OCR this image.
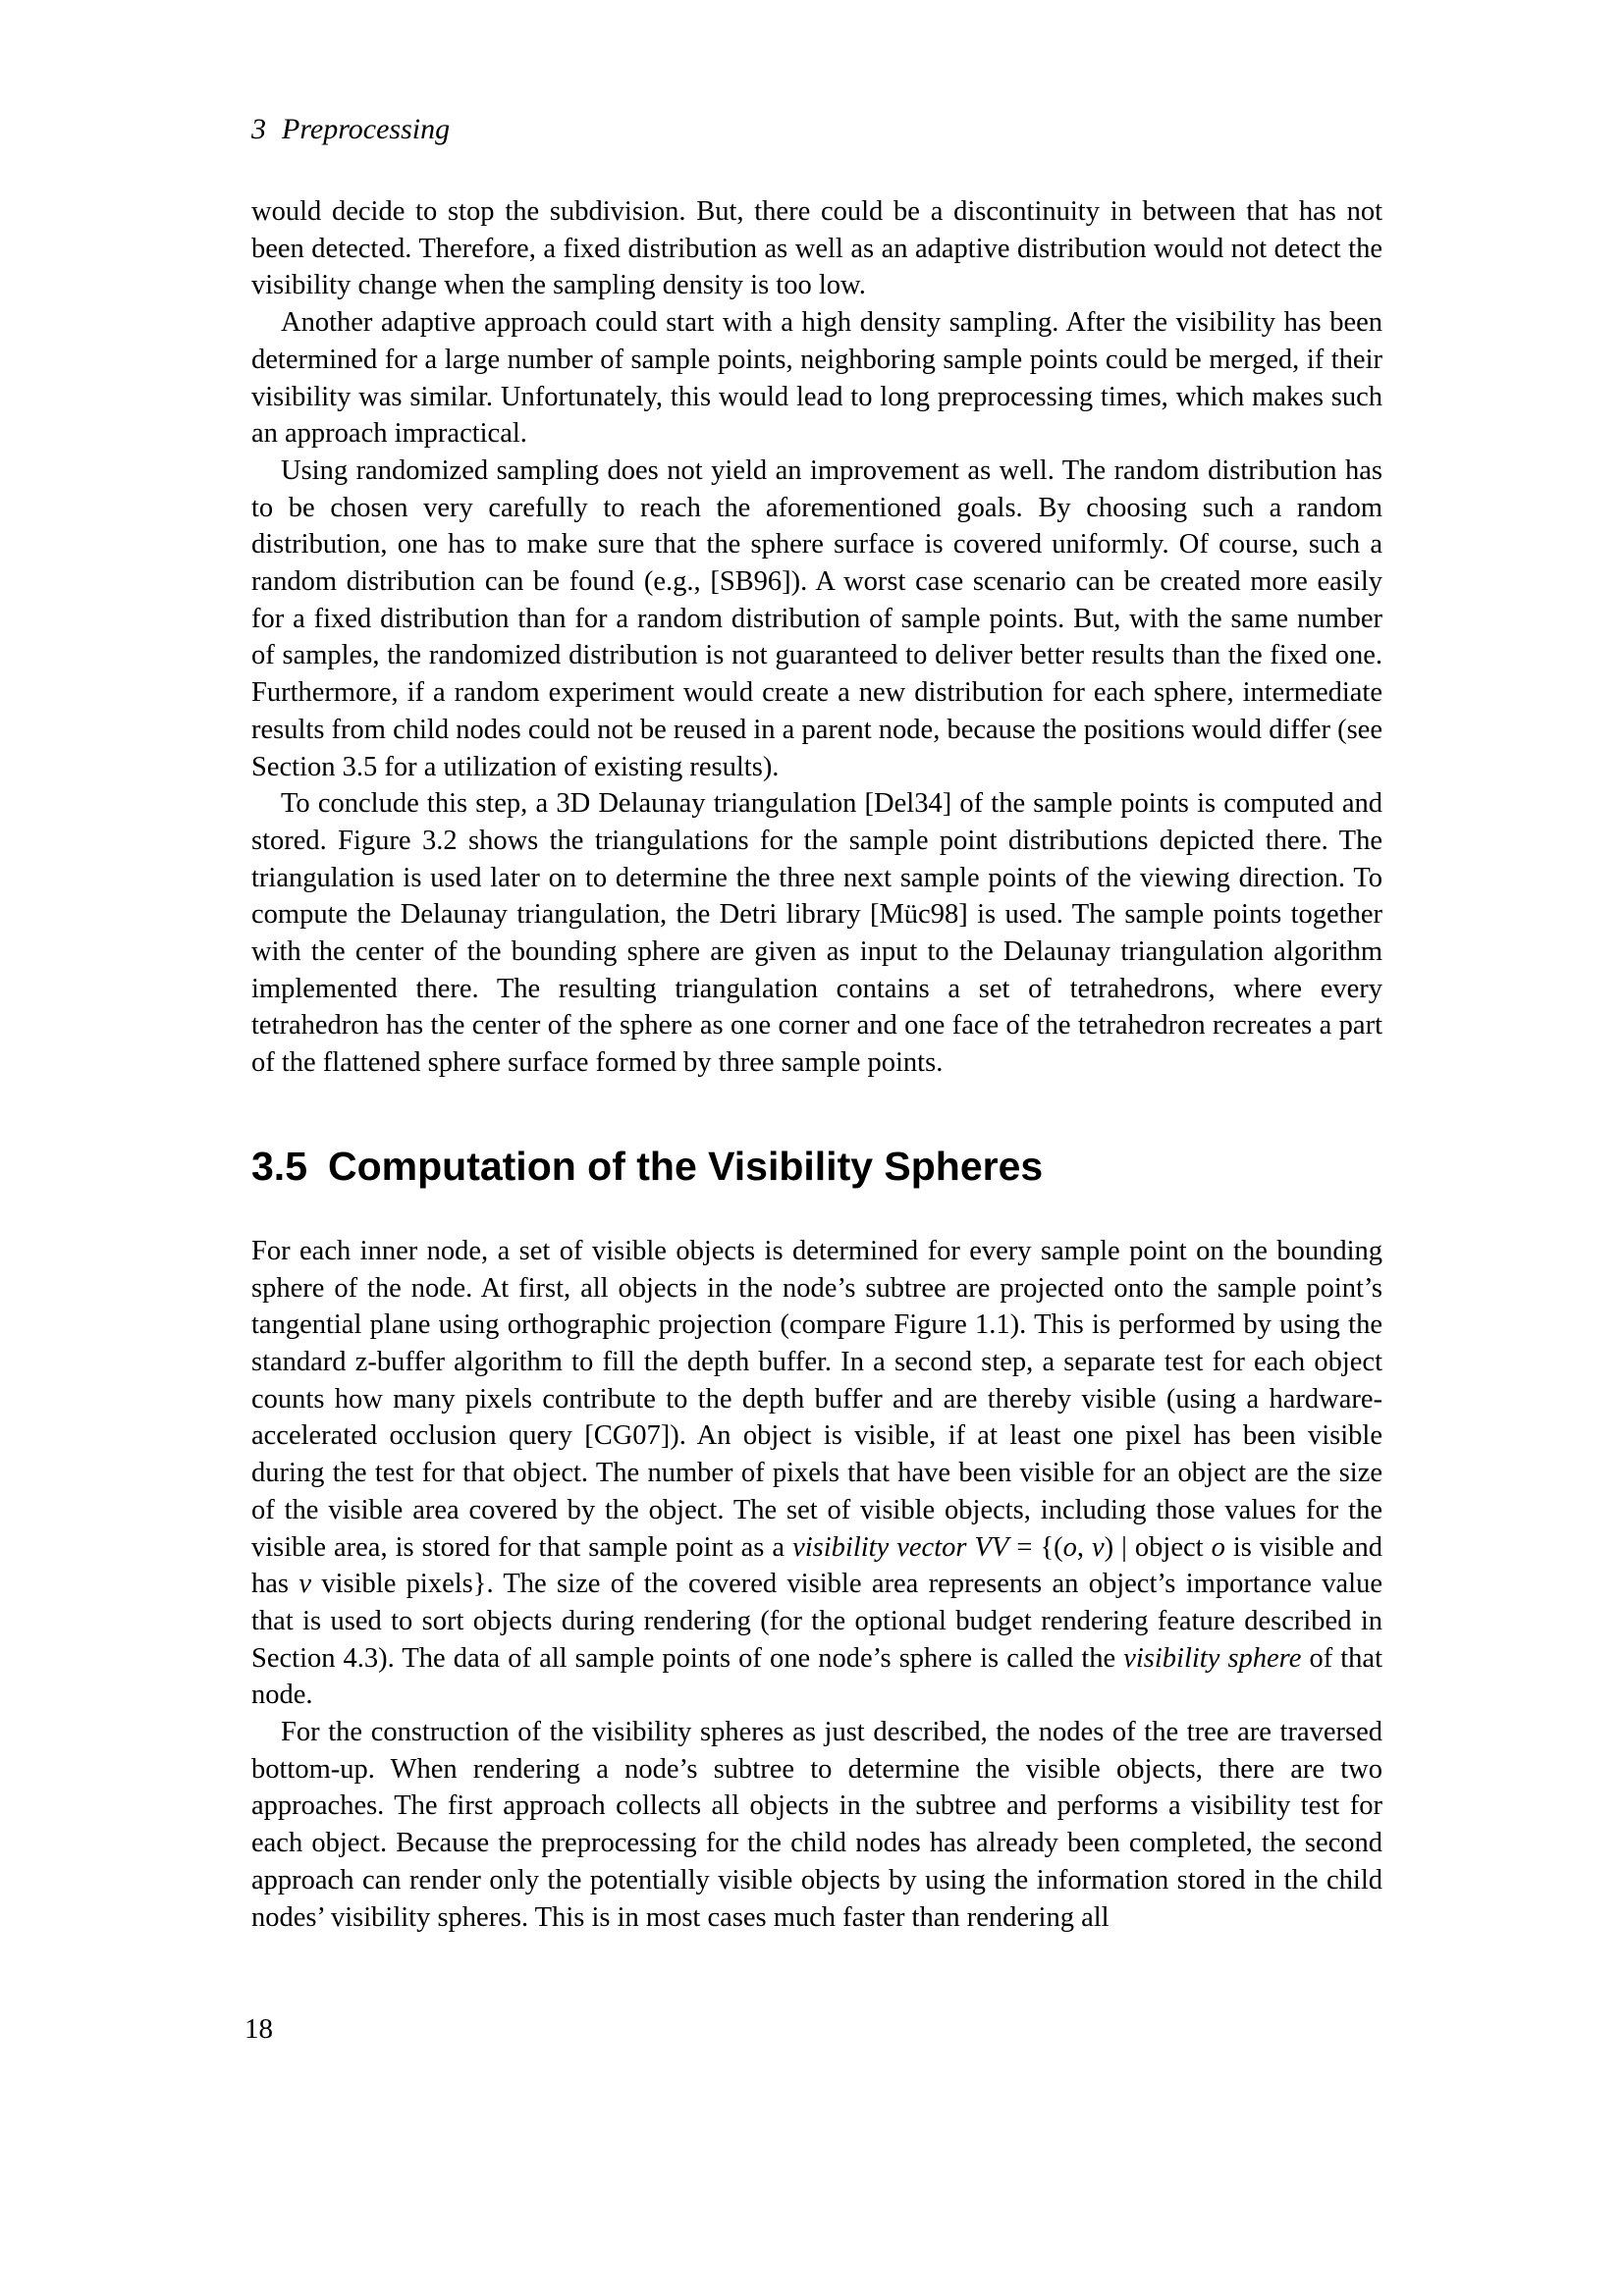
3 Preprocessing

would decide to stop the subdivision. But, there could be a discontinuity in between that has not been detected. Therefore, a fixed distribution as well as an adaptive distribution would not detect the visibility change when the sampling density is too low.

Another adaptive approach could start with a high density sampling. After the visibility has been determined for a large number of sample points, neighboring sample points could be merged, if their visibility was similar. Unfortunately, this would lead to long preprocessing times, which makes such an approach impractical.

Using randomized sampling does not yield an improvement as well. The random distribution has to be chosen very carefully to reach the aforementioned goals. By choosing such a random distribution, one has to make sure that the sphere surface is covered uniformly. Of course, such a random distribution can be found (e.g., [SB96]). A worst case scenario can be created more easily for a fixed distribution than for a random distribution of sample points. But, with the same number of samples, the randomized distribution is not guaranteed to deliver better results than the fixed one. Furthermore, if a random experiment would create a new distribution for each sphere, intermediate results from child nodes could not be reused in a parent node, because the positions would differ (see Section 3.5 for a utilization of existing results).

To conclude this step, a 3D Delaunay triangulation [Del34] of the sample points is computed and stored. Figure 3.2 shows the triangulations for the sample point distributions depicted there. The triangulation is used later on to determine the three next sample points of the viewing direction. To compute the Delaunay triangulation, the Detri library [Müc98] is used. The sample points together with the center of the bounding sphere are given as input to the Delaunay triangulation algorithm implemented there. The resulting triangulation contains a set of tetrahedrons, where every tetrahedron has the center of the sphere as one corner and one face of the tetrahedron recreates a part of the flattened sphere surface formed by three sample points.

3.5 Computation of the Visibility Spheres

For each inner node, a set of visible objects is determined for every sample point on the bounding sphere of the node. At first, all objects in the node’s subtree are projected onto the sample point’s tangential plane using orthographic projection (compare Figure 1.1). This is performed by using the standard z-buffer algorithm to fill the depth buffer. In a second step, a separate test for each object counts how many pixels contribute to the depth buffer and are thereby visible (using a hardware-accelerated occlusion query [CG07]). An object is visible, if at least one pixel has been visible during the test for that object. The number of pixels that have been visible for an object are the size of the visible area covered by the object. The set of visible objects, including those values for the visible area, is stored for that sample point as a visibility vector VV = {(o, v) | object o is visible and has v visible pixels}. The size of the covered visible area represents an object’s importance value that is used to sort objects during rendering (for the optional budget rendering feature described in Section 4.3). The data of all sample points of one node’s sphere is called the visibility sphere of that node.

For the construction of the visibility spheres as just described, the nodes of the tree are traversed bottom-up. When rendering a node’s subtree to determine the visible objects, there are two approaches. The first approach collects all objects in the subtree and performs a visibility test for each object. Because the preprocessing for the child nodes has already been completed, the second approach can render only the potentially visible objects by using the information stored in the child nodes’ visibility spheres. This is in most cases much faster than rendering all

18
